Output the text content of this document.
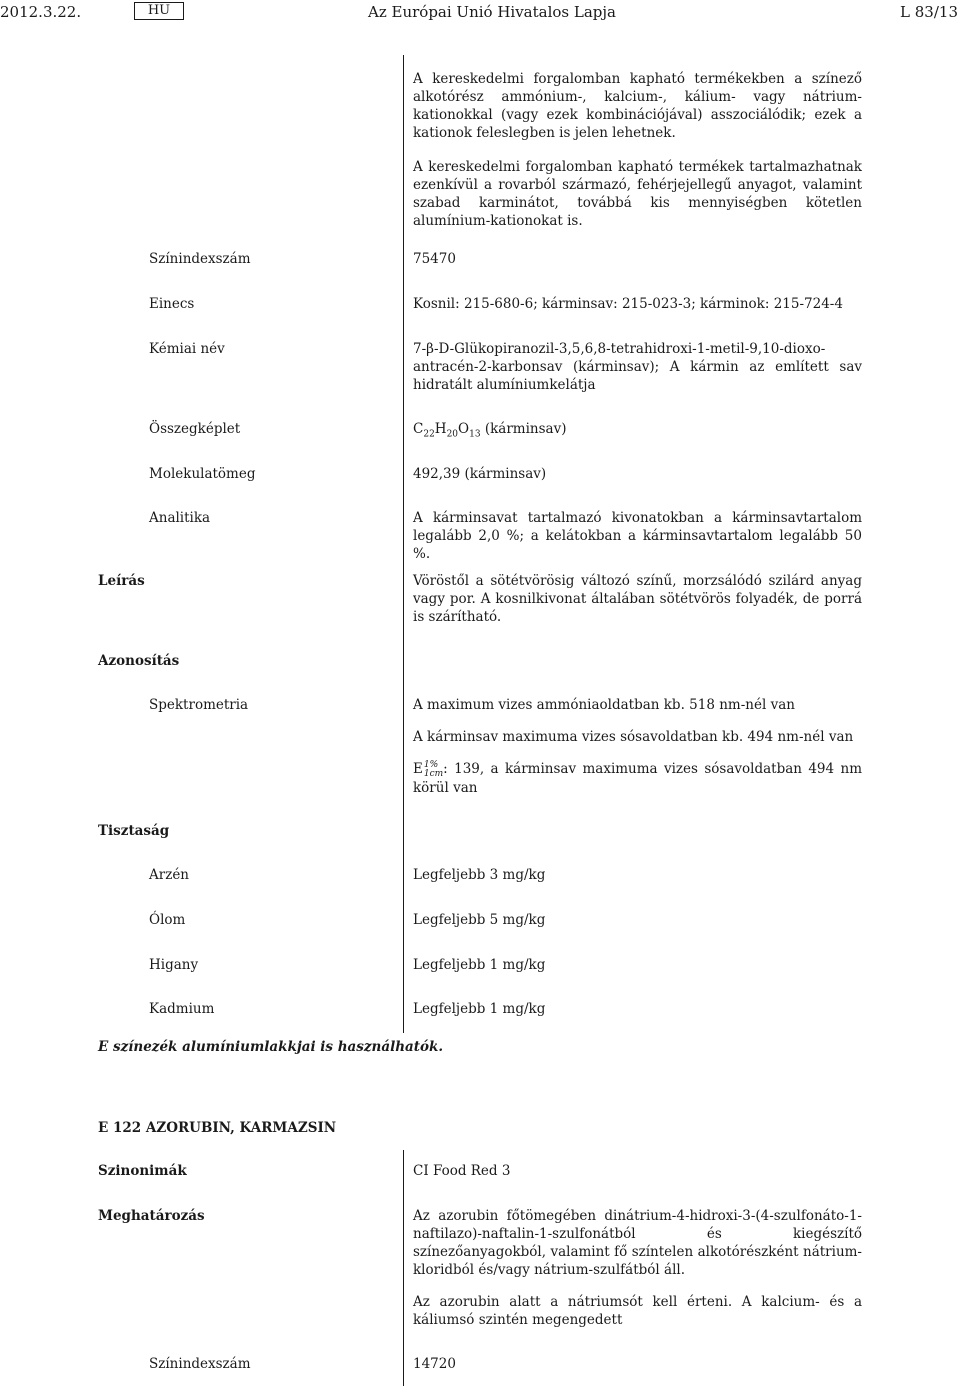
2012.3.22.	HU	Az Európai Unió Hivatalos Lapja	L 83/13

A kereskedelmi forgalomban kapható termékekben a színező alkotórész ammónium-, kalcium-, kálium- vagy nátrium-kationokkal (vagy ezek kombinációjával) asszociálódik; ezek a kationok feleslegben is jelen lehetnek.

A kereskedelmi forgalomban kapható termékek tartalmazhatnak ezenkívül a rovarból származó, fehérjejellegű anyagot, valamint szabad karminátot, továbbá kis mennyiségben kötetlen alumínium-kationokat is.

Színindexszám	75470
Einecs	Kosnil: 215-680-6; kárminsav: 215-023-3; kárminok: 215-724-4
Kémiai név	7-β-D-Glükopiranozil-3,5,6,8-tetrahidroxi-1-metil-9,10-dioxo-antracén-2-karbonsav (kárminsav); A kármin az említett sav hidratált alumíniumkelátja
Összegképlet	$C_{22}H_{20}O_{13}$ (kárminsav)
Molekulatömeg	492,39 (kárminsav)
Analitika	A kárminsavat tartalmazó kivonatokban a kárminsavtartalom legalább 2,0 %; a kelátokban a kárminsavtartalom legalább 50 %.
Leírás	Vöröstől a sötétvörösig változó színű, morzsálódó szilárd anyag vagy por. A kosnilkivonat általában sötétvörös folyadék, de porrá is szárítható.
Azonosítás
Spektrometria	A maximum vizes ammóniaoldatban kb. 518 nm-nél van
A kárminsav maximuma vizes sósavoldatban kb. 494 nm-nél van
E1%
1cm: 139, a kárminsav maximuma vizes sósavoldatban 494 nm körül van
Tisztaság
Arzén	Legfeljebb 3 mg/kg
Ólom	Legfeljebb 5 mg/kg
Higany	Legfeljebb 1 mg/kg
Kadmium	Legfeljebb 1 mg/kg
E színezék alumíniumlakkjai is használhatók.
E 122 AZORUBIN, KARMAZSIN
Szinonimák	CI Food Red 3
Meghatározás	Az azorubin főtömegében dinátrium-4-hidroxi-3-(4-szulfonáto-1-naftilazo)-naftalin-1-szulfonátból és kiegészítő színezőanyagokból, valamint fő színtelen alkotórészként nátrium-kloridból és/vagy nátrium-szulfátból áll.

Az azorubin alatt a nátriumsót kell érteni. A kalcium- és a káliumsó szintén megengedett

Színindexszám	14720
